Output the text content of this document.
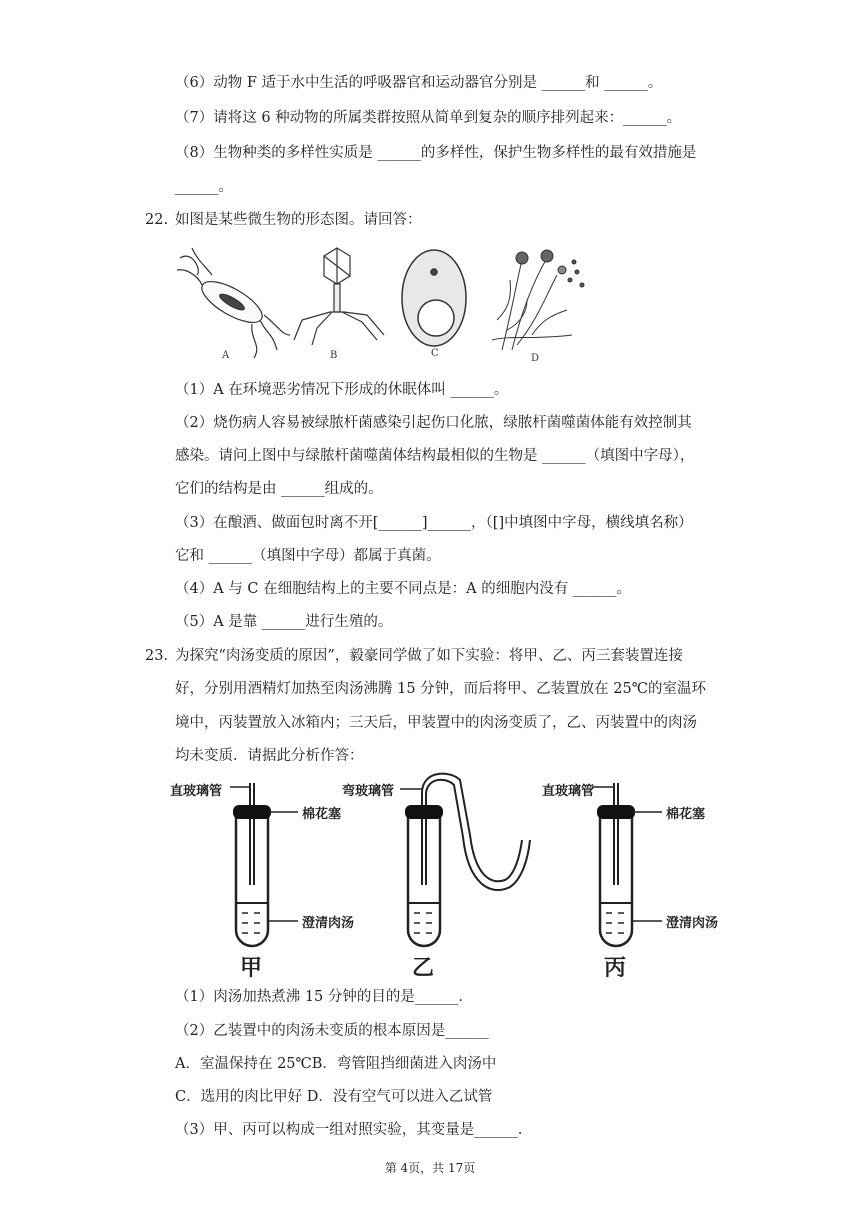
（6）动物 F 适于水中生活的呼吸器官和运动器官分别是 ______和 ______。
（7）请将这 6 种动物的所属类群按照从简单到复杂的顺序排列起来：______。
（8）生物种类的多样性实质是 ______的多样性，保护生物多样性的最有效措施是
______。
22. 如图是某些微生物的形态图。请回答：
A	B	C	D
（1）A 在环境恶劣情况下形成的休眠体叫 ______。
（2）烧伤病人容易被绿脓杆菌感染引起伤口化脓，绿脓杆菌噬菌体能有效控制其
感染。请问上图中与绿脓杆菌噬菌体结构最相似的生物是 ______（填图中字母），
它们的结构是由 ______组成的。
（3）在酿酒、做面包时离不开[______]______，（[]中填图中字母，横线填名称）
它和 ______（填图中字母）都属于真菌。
（4）A 与 C 在细胞结构上的主要不同点是：A 的细胞内没有 ______。
（5）A 是靠 ______进行生殖的。
23. 为探究“肉汤变质的原因”，毅豪同学做了如下实验：将甲、乙、丙三套装置连接
好，分别用酒精灯加热至肉汤沸腾 15 分钟，而后将甲、乙装置放在 25℃的室温环
境中，丙装置放入冰箱内；三天后，甲装置中的肉汤变质了，乙、丙装置中的肉汤
均未变质．请据此分析作答：
直玻璃管
棉花塞
澄清肉汤
弯玻璃管	直玻璃管
棉花塞
澄清肉汤
甲	乙	丙
（1）肉汤加热煮沸 15 分钟的目的是______.
（2）乙装置中的肉汤未变质的根本原因是______
A．室温保持在 25℃B．弯管阻挡细菌进入肉汤中
C．选用的肉比甲好 D．没有空气可以进入乙试管
（3）甲、丙可以构成一组对照实验，其变量是______.
第 4页，共 17页
